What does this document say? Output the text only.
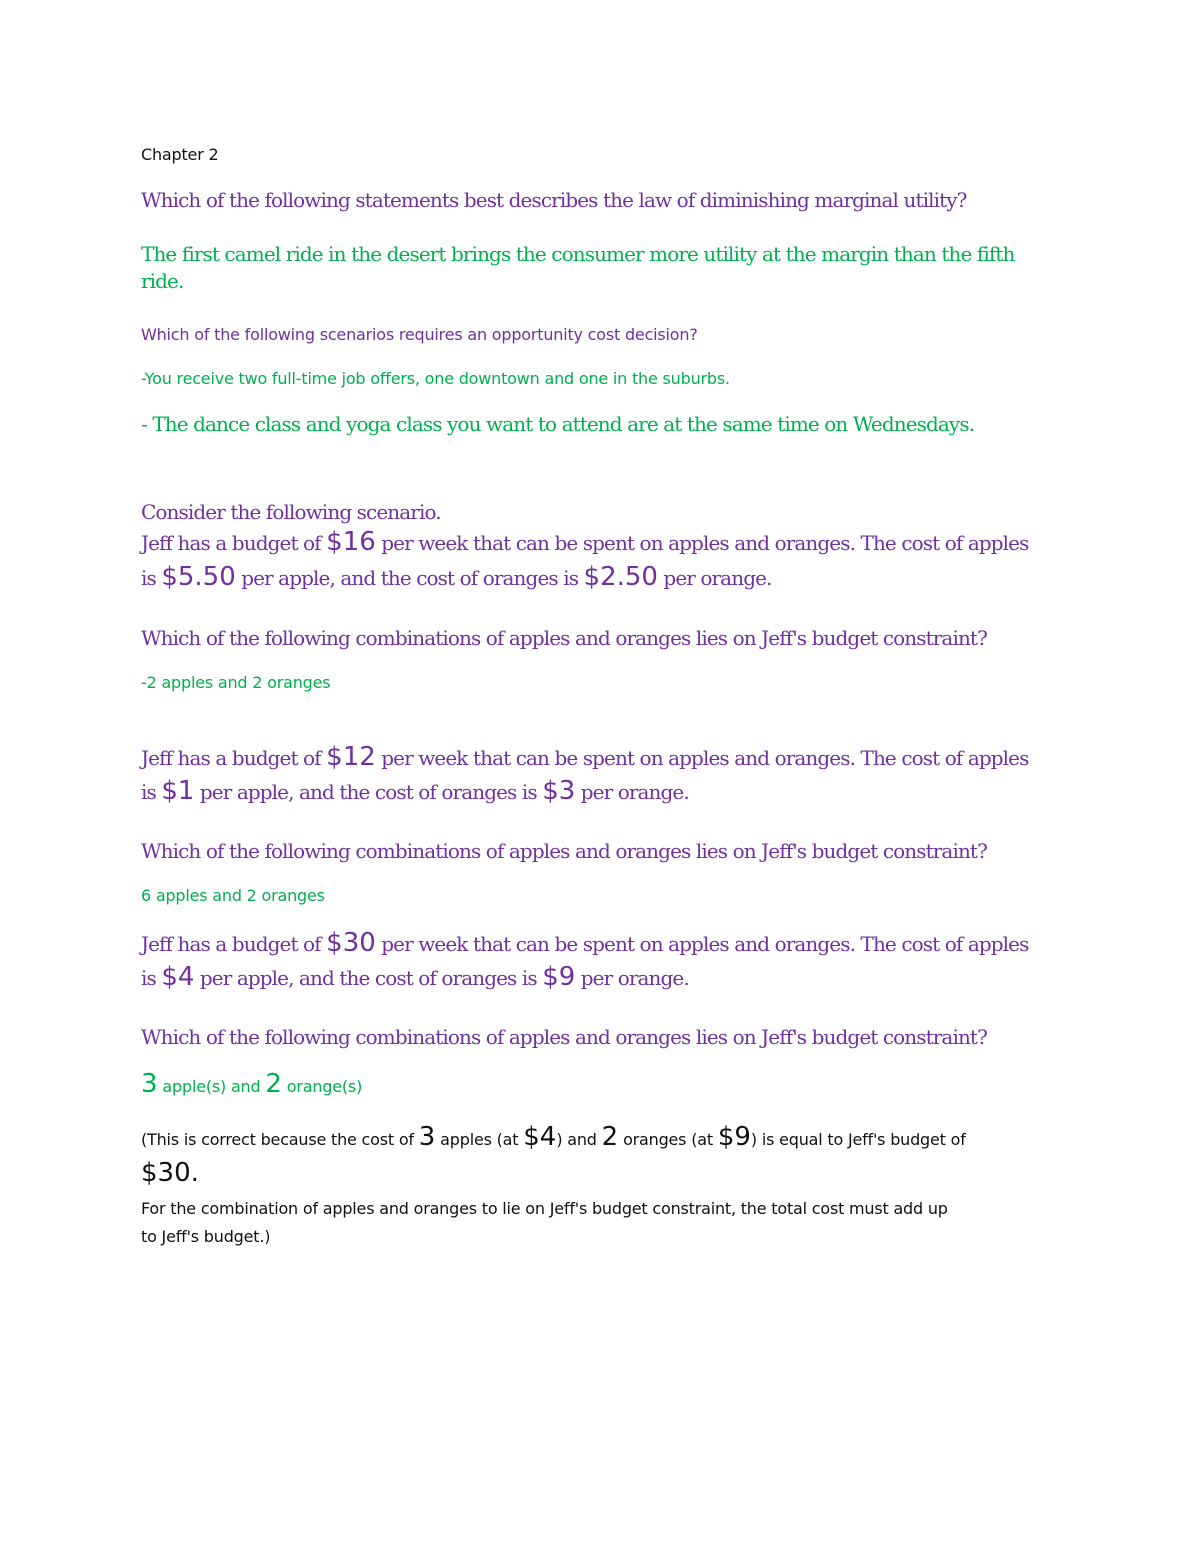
Chapter 2

Which of the following statements best describes the law of diminishing marginal utility?

The first camel ride in the desert brings the consumer more utility at the margin than the fifth

ride.

Which of the following scenarios requires an opportunity cost decision?

-You receive two full-time job offers, one downtown and one in the suburbs.

- The dance class and yoga class you want to attend are at the same time on Wednesdays.

Consider the following scenario.

Jeff has a budget of $16 per week that can be spent on apples and oranges. The cost of apples

is $5.50 per apple, and the cost of oranges is $2.50 per orange.

Which of the following combinations of apples and oranges lies on Jeff's budget constraint?

-2 apples and 2 oranges

Jeff has a budget of $12 per week that can be spent on apples and oranges. The cost of apples

is $1 per apple, and the cost of oranges is $3 per orange.

Which of the following combinations of apples and oranges lies on Jeff's budget constraint?

6 apples and 2 oranges

Jeff has a budget of $30 per week that can be spent on apples and oranges. The cost of apples

is $4 per apple, and the cost of oranges is $9 per orange.

Which of the following combinations of apples and oranges lies on Jeff's budget constraint?

3 apple(s) and 2 orange(s)

(This is correct because the cost of 3 apples (at $4) and 2 oranges (at $9) is equal to Jeff's budget of

$30.

For the combination of apples and oranges to lie on Jeff's budget constraint, the total cost must add up

to Jeff's budget.)
